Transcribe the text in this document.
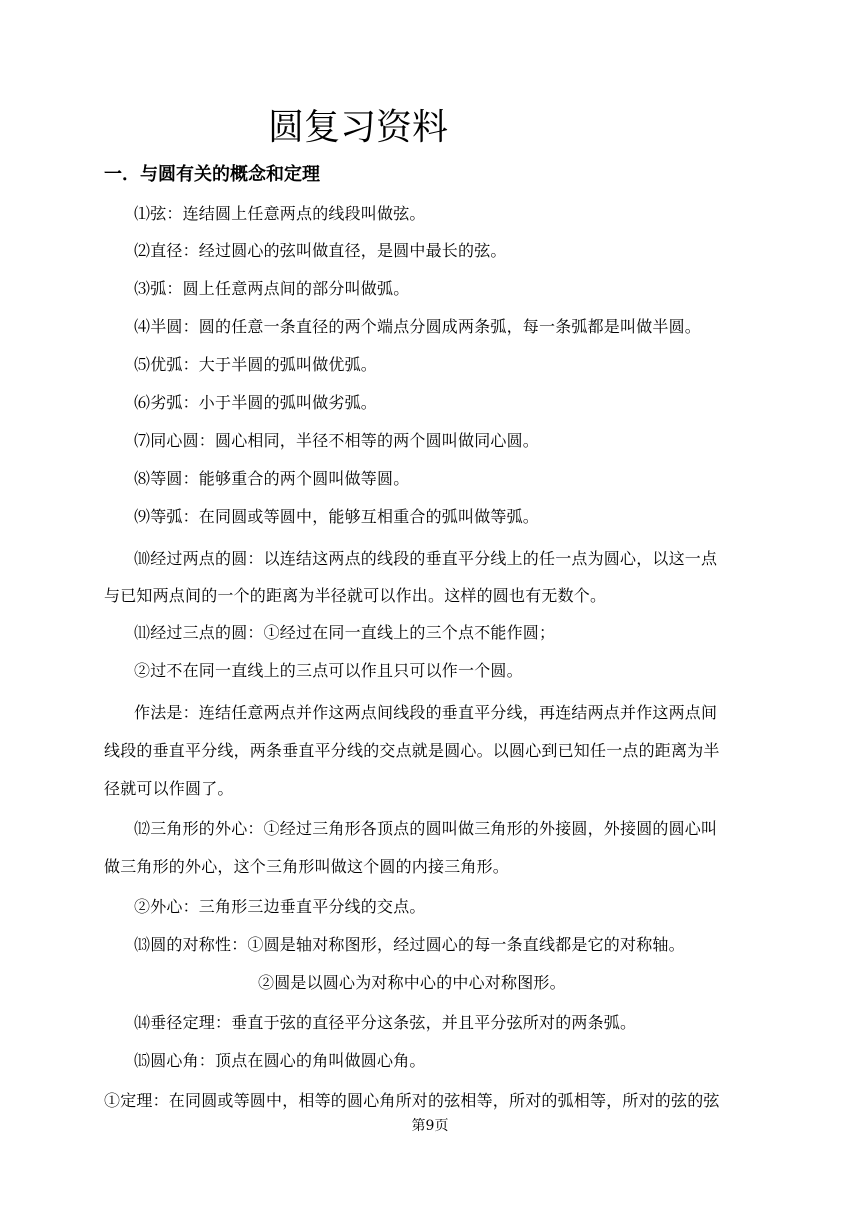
圆复习资料
一．与圆有关的概念和定理
⑴弦：连结圆上任意两点的线段叫做弦。
⑵直径：经过圆心的弦叫做直径，是圆中最长的弦。
⑶弧：圆上任意两点间的部分叫做弧。
⑷半圆：圆的任意一条直径的两个端点分圆成两条弧，每一条弧都是叫做半圆。
⑸优弧：大于半圆的弧叫做优弧。
⑹劣弧：小于半圆的弧叫做劣弧。
⑺同心圆：圆心相同，半径不相等的两个圆叫做同心圆。
⑻等圆：能够重合的两个圆叫做等圆。
⑼等弧：在同圆或等圆中，能够互相重合的弧叫做等弧。
⑽经过两点的圆：以连结这两点的线段的垂直平分线上的任一点为圆心，以这一点
与已知两点间的一个的距离为半径就可以作出。这样的圆也有无数个。
⑾经过三点的圆：①经过在同一直线上的三个点不能作圆；
②过不在同一直线上的三点可以作且只可以作一个圆。
作法是：连结任意两点并作这两点间线段的垂直平分线，再连结两点并作这两点间
线段的垂直平分线，两条垂直平分线的交点就是圆心。以圆心到已知任一点的距离为半
径就可以作圆了。
⑿三角形的外心：①经过三角形各顶点的圆叫做三角形的外接圆，外接圆的圆心叫
做三角形的外心，这个三角形叫做这个圆的内接三角形。
②外心：三角形三边垂直平分线的交点。
⒀圆的对称性：①圆是轴对称图形，经过圆心的每一条直线都是它的对称轴。
②圆是以圆心为对称中心的中心对称图形。
⒁垂径定理：垂直于弦的直径平分这条弦，并且平分弦所对的两条弧。
⒂圆心角：顶点在圆心的角叫做圆心角。
①定理：在同圆或等圆中，相等的圆心角所对的弦相等，所对的弧相等，所对的弦的弦
第9页
